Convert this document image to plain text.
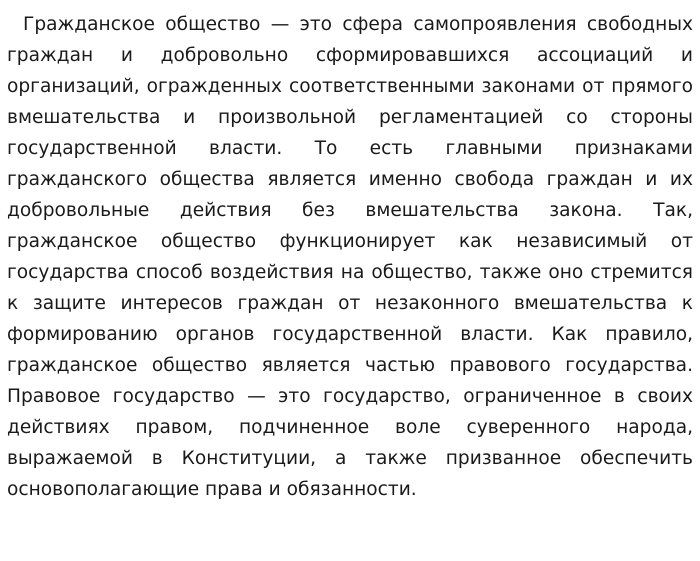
Гражданское общество — это сфера самопроявления свободных граждан и добровольно сформировавшихся ассоциаций и организаций, огражденных соответственными законами от прямого вмешательства и произвольной регламентацией со стороны государственной власти. То есть главными признаками гражданского общества является именно свобода граждан и их добровольные действия без вмешательства закона. Так, гражданское общество функционирует как независимый от государства способ воздействия на общество, также оно стремится к защите интересов граждан от незаконного вмешательства к формированию органов государственной власти. Как правило, гражданское общество является частью правового государства. Правовое государство — это государство, ограниченное в своих действиях правом, подчиненное воле суверенного народа, выражаемой в Конституции, а также призванное обеспечить основополагающие права и обязанности.
